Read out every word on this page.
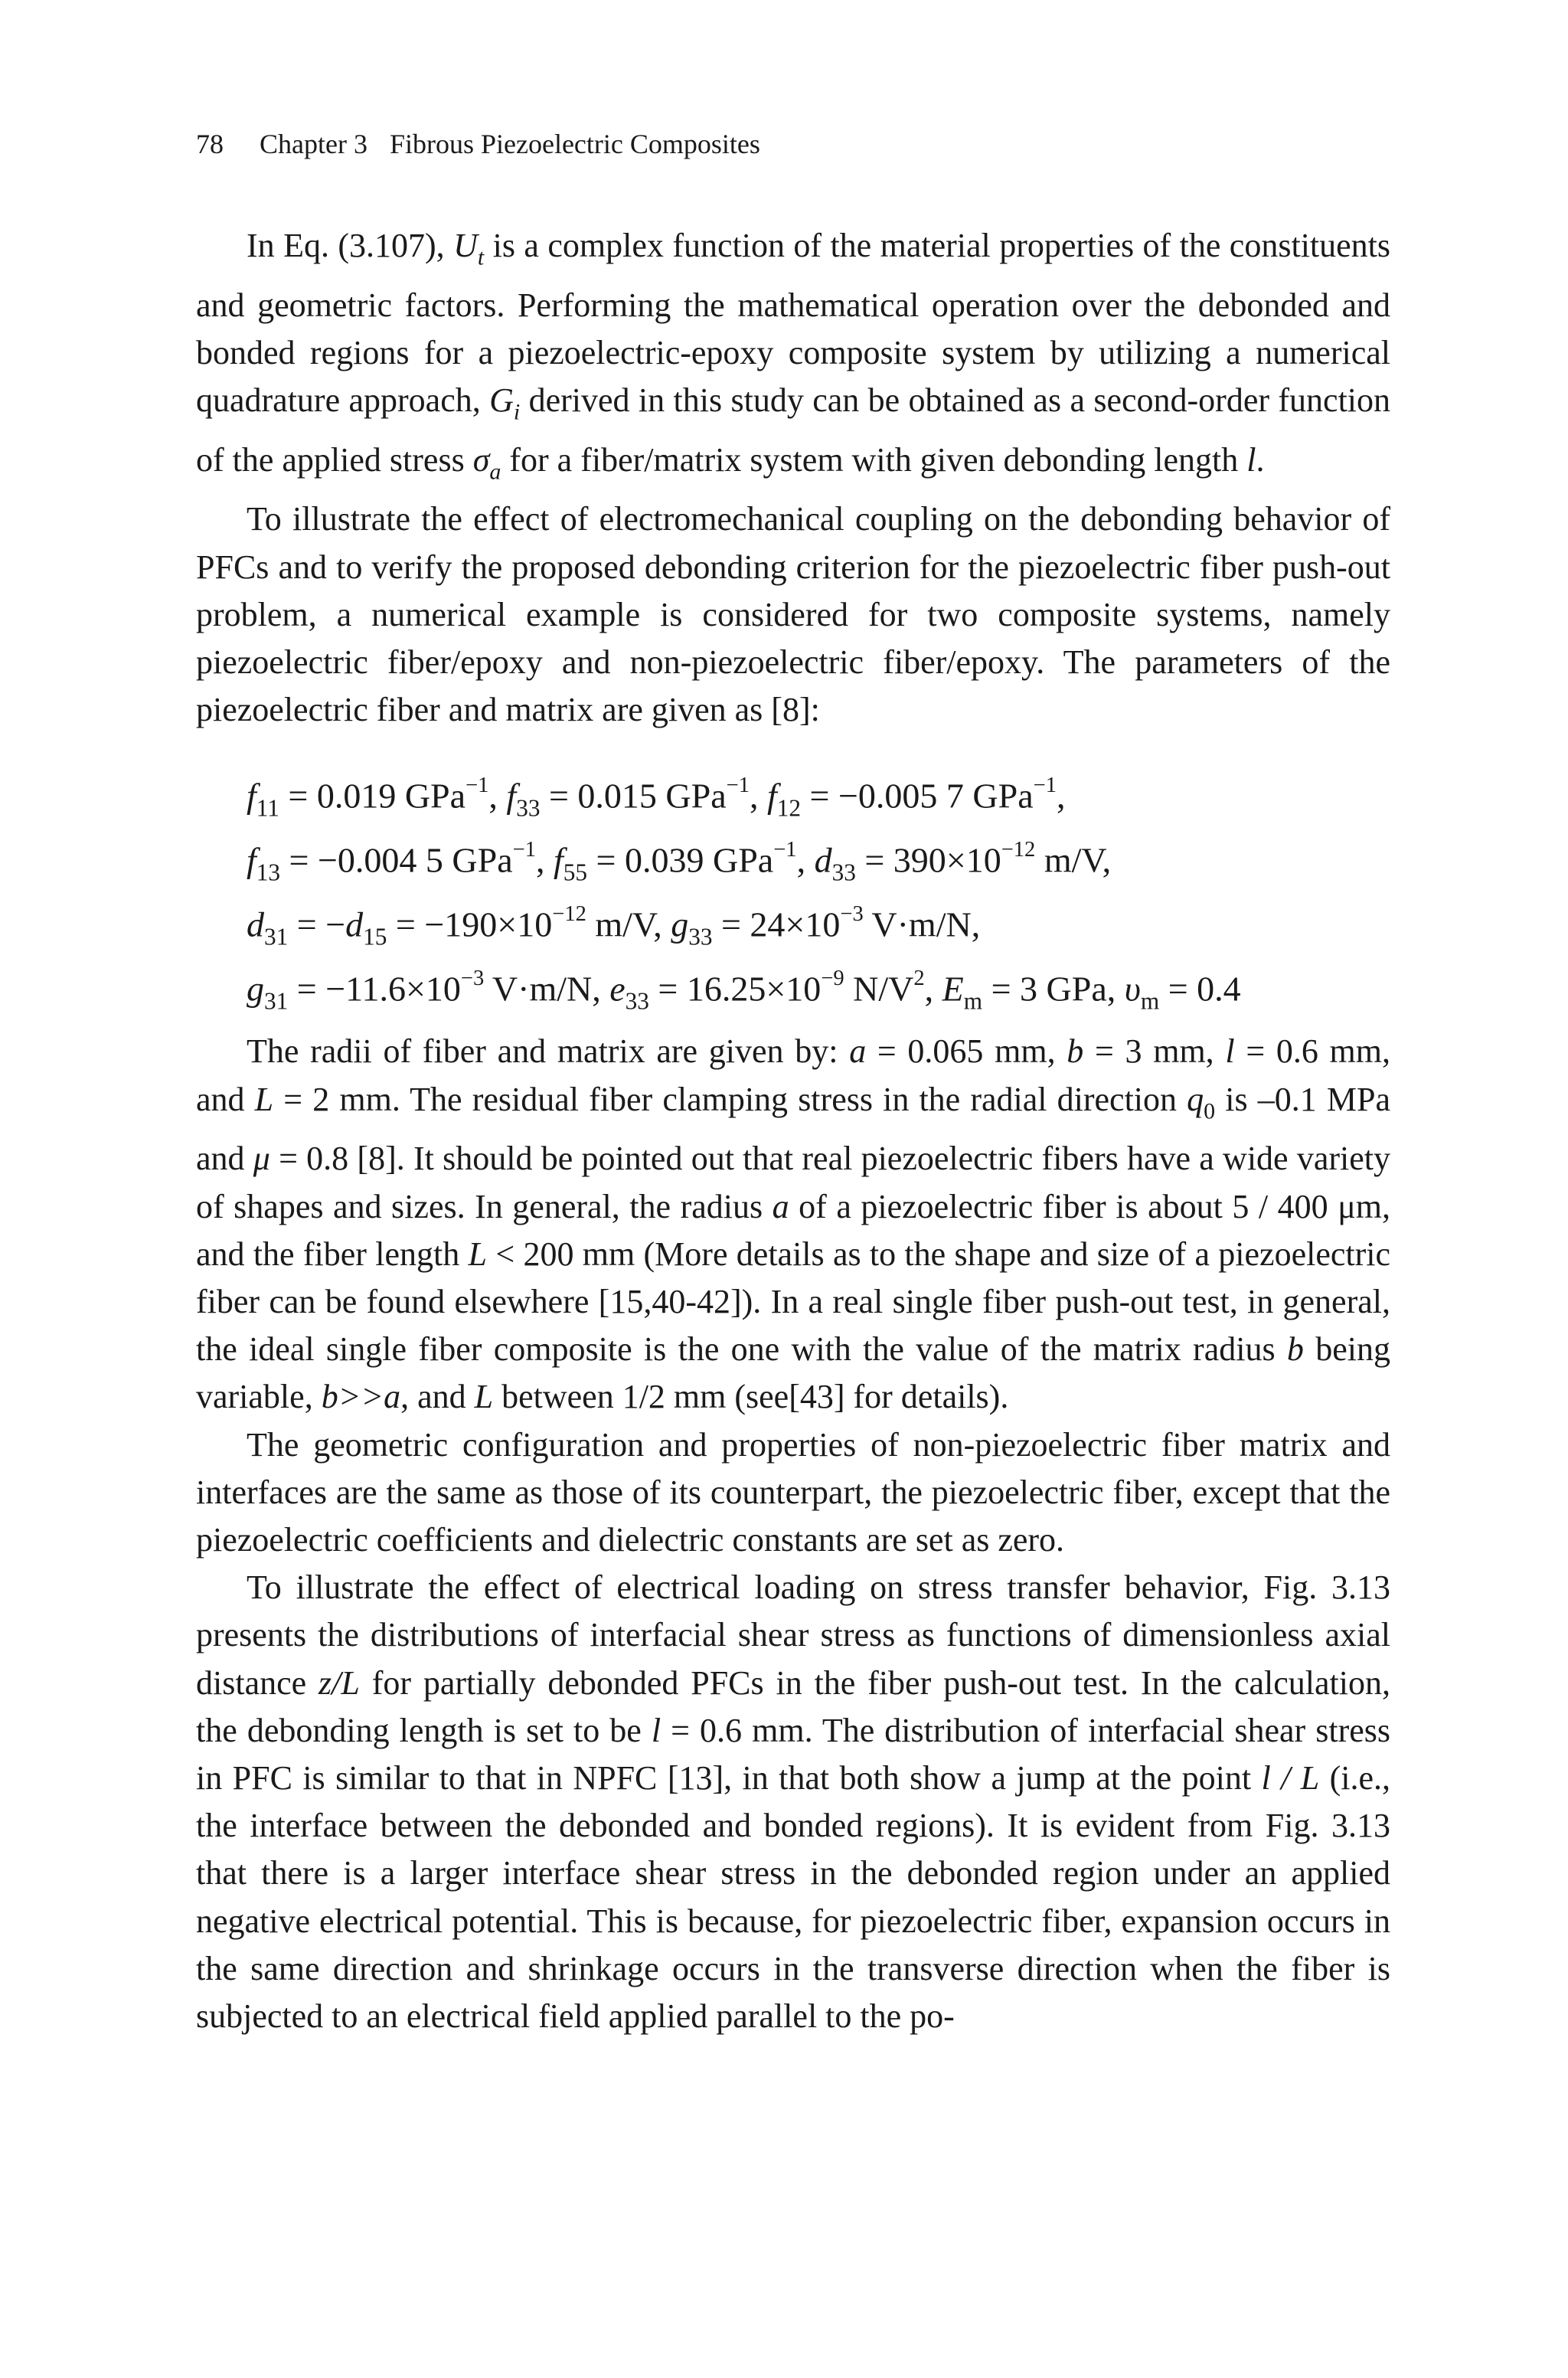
78 Chapter 3 Fibrous Piezoelectric Composites

In Eq. (3.107), $U_t$ is a complex function of the material properties of the constituents and geometric factors. Performing the mathematical operation over the debonded and bonded regions for a piezoelectric-epoxy composite system by utilizing a numerical quadrature approach, $G_i$ derived in this study can be obtained as a second-order function of the applied stress $\sigma_a$ for a fiber/matrix system with given debonding length l.

To illustrate the effect of electromechanical coupling on the debonding behavior of PFCs and to verify the proposed debonding criterion for the piezoelectric fiber push-out problem, a numerical example is considered for two composite systems, namely piezoelectric fiber/epoxy and non-piezoelectric fiber/epoxy. The parameters of the piezoelectric fiber and matrix are given as [8]:

$f_{11} = 0.019$ GPa$^{-1}$, $f_{33} = 0.015$ GPa$^{-1}$, $f_{12} = -0.005$ 7 GPa$^{-1}$,
$f_{13} = -0.004$ 5 GPa$^{-1}$, $f_{55} = 0.039$ GPa$^{-1}$, $d_{33} = 390\times 10^{-12}$ m/V,
$d_{31} = -d_{15} = -190\times 10^{-12}$ m/V, $g_{33} = 24\times 10^{-3}$ V·m/N,
$g_{31} = -11.6\times 10^{-3}$ V·m/N, $e_{33} = 16.25\times 10^{-9}$ $N/V^2$, $E_m = 3$ GPa, $\upsilon_m = 0.4$

The radii of fiber and matrix are given by: a = 0.065 mm, b = 3 mm, l = 0.6 mm, and L = 2 mm. The residual fiber clamping stress in the radial direction $q_0$ is –0.1 MPa and μ = 0.8 [8]. It should be pointed out that real piezoelectric fibers have a wide variety of shapes and sizes. In general, the radius a of a piezoelectric fiber is about 5 / 400 μm, and the fiber length L < 200 mm (More details as to the shape and size of a piezoelectric fiber can be found elsewhere [15,40-42]). In a real single fiber push-out test, in general, the ideal single fiber composite is the one with the value of the matrix radius b being variable, b>>a, and L between 1/2 mm (see[43] for details).

The geometric configuration and properties of non-piezoelectric fiber matrix and interfaces are the same as those of its counterpart, the piezoelectric fiber, except that the piezoelectric coefficients and dielectric constants are set as zero.

To illustrate the effect of electrical loading on stress transfer behavior, Fig. 3.13 presents the distributions of interfacial shear stress as functions of dimensionless axial distance z/L for partially debonded PFCs in the fiber push-out test. In the calculation, the debonding length is set to be l = 0.6 mm. The distribution of interfacial shear stress in PFC is similar to that in NPFC [13], in that both show a jump at the point l / L (i.e., the interface between the debonded and bonded regions). It is evident from Fig. 3.13 that there is a larger interface shear stress in the debonded region under an applied negative electrical potential. This is because, for piezoelectric fiber, expansion occurs in the same direction and shrinkage occurs in the transverse direction when the fiber is subjected to an electrical field applied parallel to the po-
